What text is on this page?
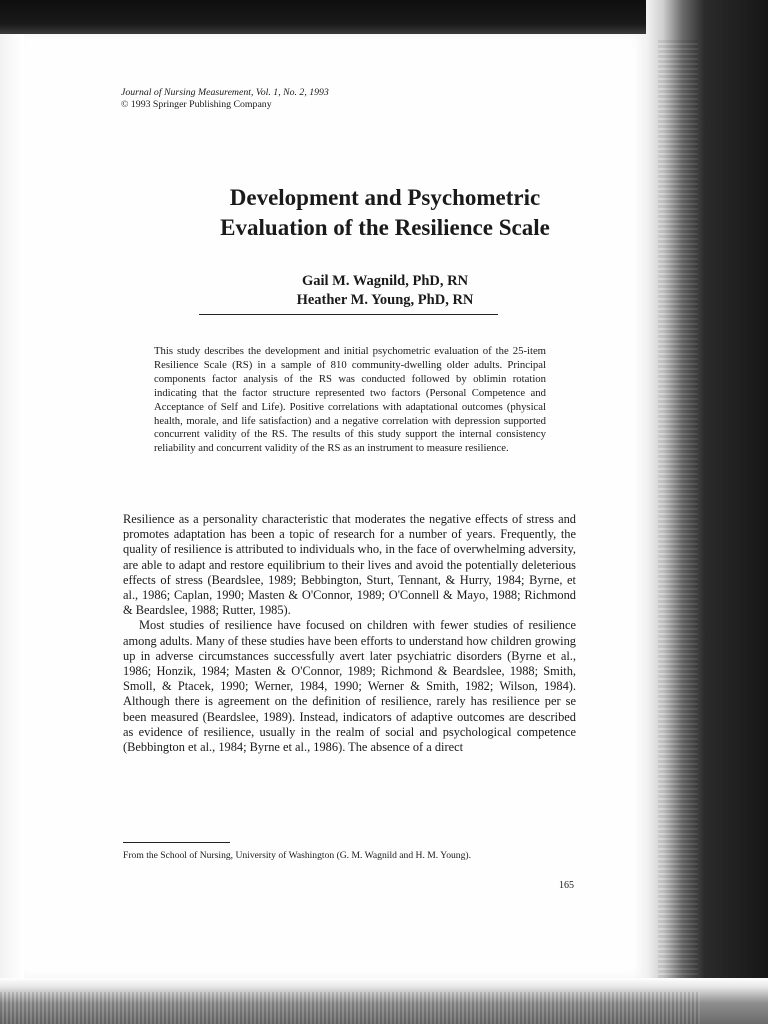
Journal of Nursing Measurement, Vol. 1, No. 2, 1993
© 1993 Springer Publishing Company
Development and Psychometric
Evaluation of the Resilience Scale
Gail M. Wagnild, PhD, RN
Heather M. Young, PhD, RN
This study describes the development and initial psychometric evaluation of the 25-item Resilience Scale (RS) in a sample of 810 community-dwelling older adults. Principal components factor analysis of the RS was conducted followed by oblimin rotation indicating that the factor structure represented two factors (Personal Competence and Acceptance of Self and Life). Positive correlations with adaptational outcomes (physical health, morale, and life satisfaction) and a negative correlation with depression supported concurrent validity of the RS. The results of this study support the internal consistency reliability and concurrent validity of the RS as an instrument to measure resilience.

Resilience as a personality characteristic that moderates the negative effects of stress and promotes adaptation has been a topic of research for a number of years. Frequently, the quality of resilience is attributed to individuals who, in the face of overwhelming adversity, are able to adapt and restore equilibrium to their lives and avoid the potentially deleterious effects of stress (Beardslee, 1989; Bebbington, Sturt, Tennant, & Hurry, 1984; Byrne, et al., 1986; Caplan, 1990; Masten & O'Connor, 1989; O'Connell & Mayo, 1988; Richmond & Beardslee, 1988; Rutter, 1985).

Most studies of resilience have focused on children with fewer studies of resilience among adults. Many of these studies have been efforts to understand how children growing up in adverse circumstances successfully avert later psychiatric disorders (Byrne et al., 1986; Honzik, 1984; Masten & O'Connor, 1989; Richmond & Beardslee, 1988; Smith, Smoll, & Ptacek, 1990; Werner, 1984, 1990; Werner & Smith, 1982; Wilson, 1984). Although there is agreement on the definition of resilience, rarely has resilience per se been measured (Beardslee, 1989). Instead, indicators of adaptive outcomes are described as evidence of resilience, usually in the realm of social and psychological competence (Bebbington et al., 1984; Byrne et al., 1986). The absence of a direct

From the School of Nursing, University of Washington (G. M. Wagnild and H. M. Young).
165
